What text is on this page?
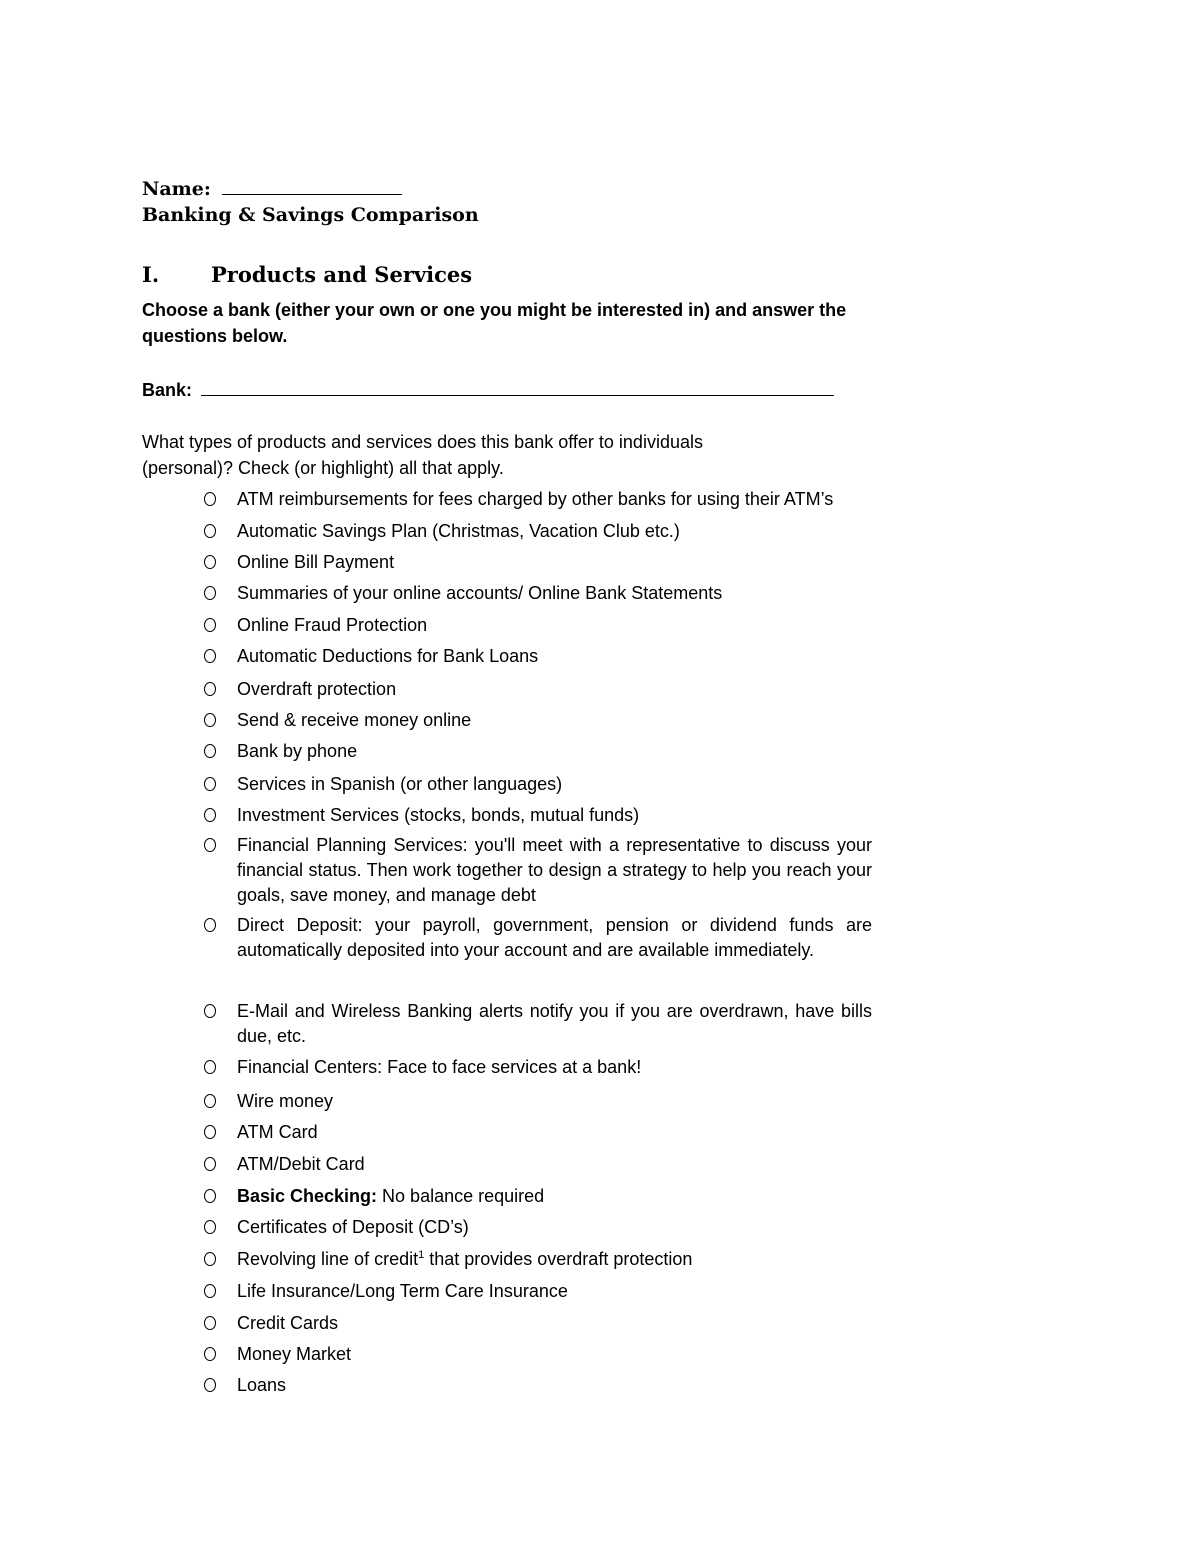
Name:
Banking & Savings Comparison
I. Products and Services
Choose a bank (either your own or one you might be interested in) and answer the questions below.
Bank:
What types of products and services does this bank offer to individuals (personal)? Check (or highlight) all that apply.
ATM reimbursements for fees charged by other banks for using their ATM’s
Automatic Savings Plan (Christmas, Vacation Club etc.)
Online Bill Payment
Summaries of your online accounts/ Online Bank Statements
Online Fraud Protection
Automatic Deductions for Bank Loans
Overdraft protection
Send & receive money online
Bank by phone
Services in Spanish (or other languages)
Investment Services (stocks, bonds, mutual funds)
Financial Planning Services: you'll meet with a representative to discuss your financial status. Then work together to design a strategy to help you reach your goals, save money, and manage debt
Direct Deposit: your payroll, government, pension or dividend funds are automatically deposited into your account and are available immediately.
E-Mail and Wireless Banking alerts notify you if you are overdrawn, have bills due, etc.
Financial Centers: Face to face services at a bank!
Wire money
ATM Card
ATM/Debit Card
Basic Checking: No balance required
Certificates of Deposit (CD’s)
Revolving line of credit$^1$ that provides overdraft protection
Life Insurance/Long Term Care Insurance
Credit Cards
Money Market
Loans
